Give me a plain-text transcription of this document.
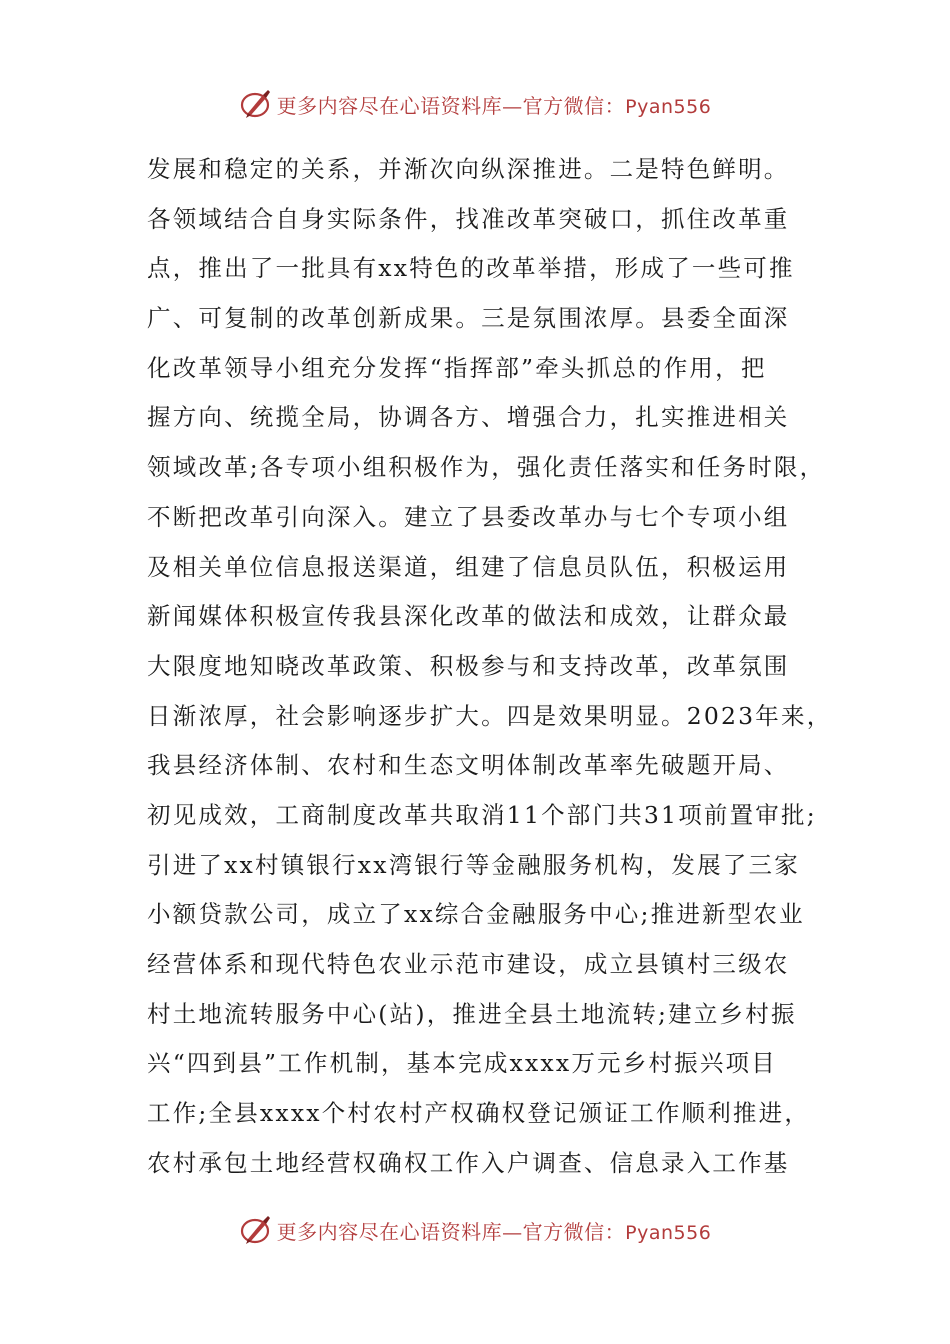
更多内容尽在心语资料库—官方微信：Pyan556
发展和稳定的关系，并渐次向纵深推进。二是特色鲜明。
各领域结合自身实际条件，找准改革突破口，抓住改革重
点，推出了一批具有xx特色的改革举措，形成了一些可推
广、可复制的改革创新成果。三是氛围浓厚。县委全面深
化改革领导小组充分发挥“指挥部”牵头抓总的作用，把
握方向、统揽全局，协调各方、增强合力，扎实推进相关
领域改革;各专项小组积极作为，强化责任落实和任务时限，
不断把改革引向深入。建立了县委改革办与七个专项小组
及相关单位信息报送渠道，组建了信息员队伍，积极运用
新闻媒体积极宣传我县深化改革的做法和成效，让群众最
大限度地知晓改革政策、积极参与和支持改革，改革氛围
日渐浓厚，社会影响逐步扩大。四是效果明显。2023年来，
我县经济体制、农村和生态文明体制改革率先破题开局、
初见成效，工商制度改革共取消11个部门共31项前置审批;
引进了xx村镇银行xx湾银行等金融服务机构，发展了三家
小额贷款公司，成立了xx综合金融服务中心;推进新型农业
经营体系和现代特色农业示范市建设，成立县镇村三级农
村土地流转服务中心(站)，推进全县土地流转;建立乡村振
兴“四到县”工作机制，基本完成xxxx万元乡村振兴项目
工作;全县xxxx个村农村产权确权登记颁证工作顺利推进，
农村承包土地经营权确权工作入户调查、信息录入工作基
更多内容尽在心语资料库—官方微信：Pyan556
